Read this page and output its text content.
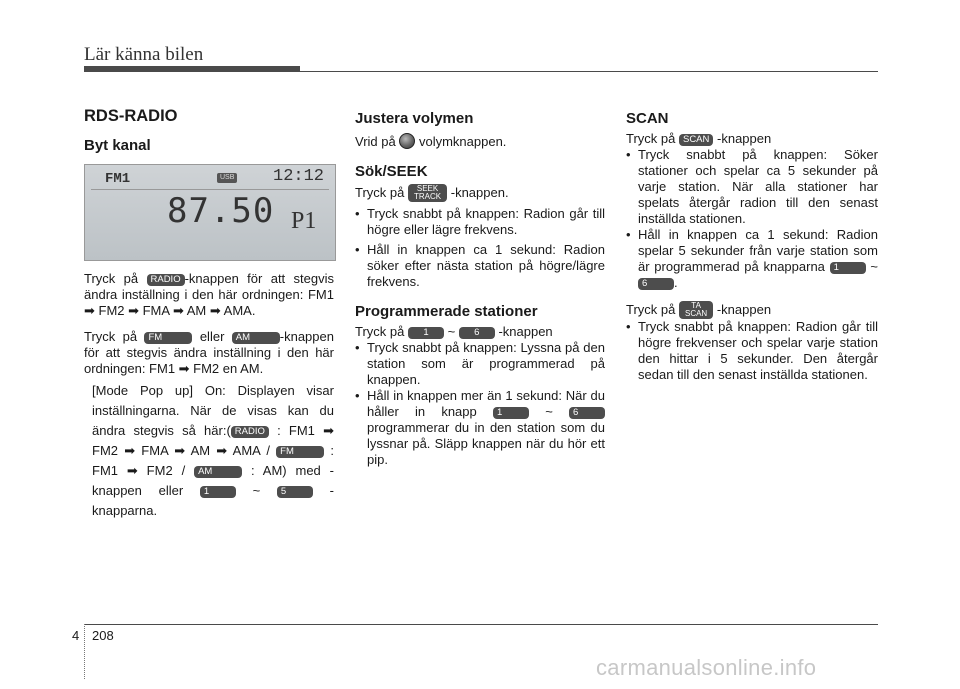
Lär känna bilen

RDS-RADIO

Byt kanal

FM1	USB 12:12
87.50 P1

Tryck på RADIO -knappen för att stegvis ändra inställning i den här ordningen: FM1 ➡ FM2 ➡ FMA ➡ AM ➡ AMA.

Tryck på FM	eller AM -knappen för att stegvis ändra inställning i den här ordningen: FM1 ➡ FM2 en AM.

[Mode Pop up] On: Displayen visar inställningarna. När de visas kan du ändra stegvis så här:( RADIO : FM1 ➡ FM2 ➡ FMA ➡ AM ➡ AMA / FM : FM1 ➡ FM2 / AM : AM) med - knappen eller 1	~ 5	- knapparna.

Justera volymen

Vrid på volymknappen.

Sök/SEEK

Tryck på	SEEK
TRACK -knappen.

• Tryck snabbt på knappen: Radion går till högre eller lägre frekvens.

• Håll in knappen ca 1 sekund: Radion söker efter nästa station på högre/lägre frekvens.

Programmerade stationer

Tryck på 1 ~ 6 -knappen

• Tryck snabbt på knappen: Lyssna på den station som är programmerad på knappen.

• Håll in knappen mer än 1 sekund: När du håller in knapp 1	~ 6 programmerar du in den station som du lyssnar på. Släpp knappen när du hör ett pip.

SCAN

Tryck på SCAN -knappen

• Tryck snabbt på knappen: Söker stationer och spelar ca 5 sekunder på varje station. När alla stationer har spelats återgår radion till den senast inställda stationen.

• Håll in knappen ca 1 sekund: Radion spelar 5 sekunder från varje station som är programmerad på knapparna 1 ~ 6 .

Tryck på	TA
SCAN -knappen

• Tryck snabbt på knappen: Radion går till högre frekvenser och spelar varje station den hittar i 5 sekunder. Den återgår sedan till den senast inställda stationen.

4 208
carmanualsonline.info
